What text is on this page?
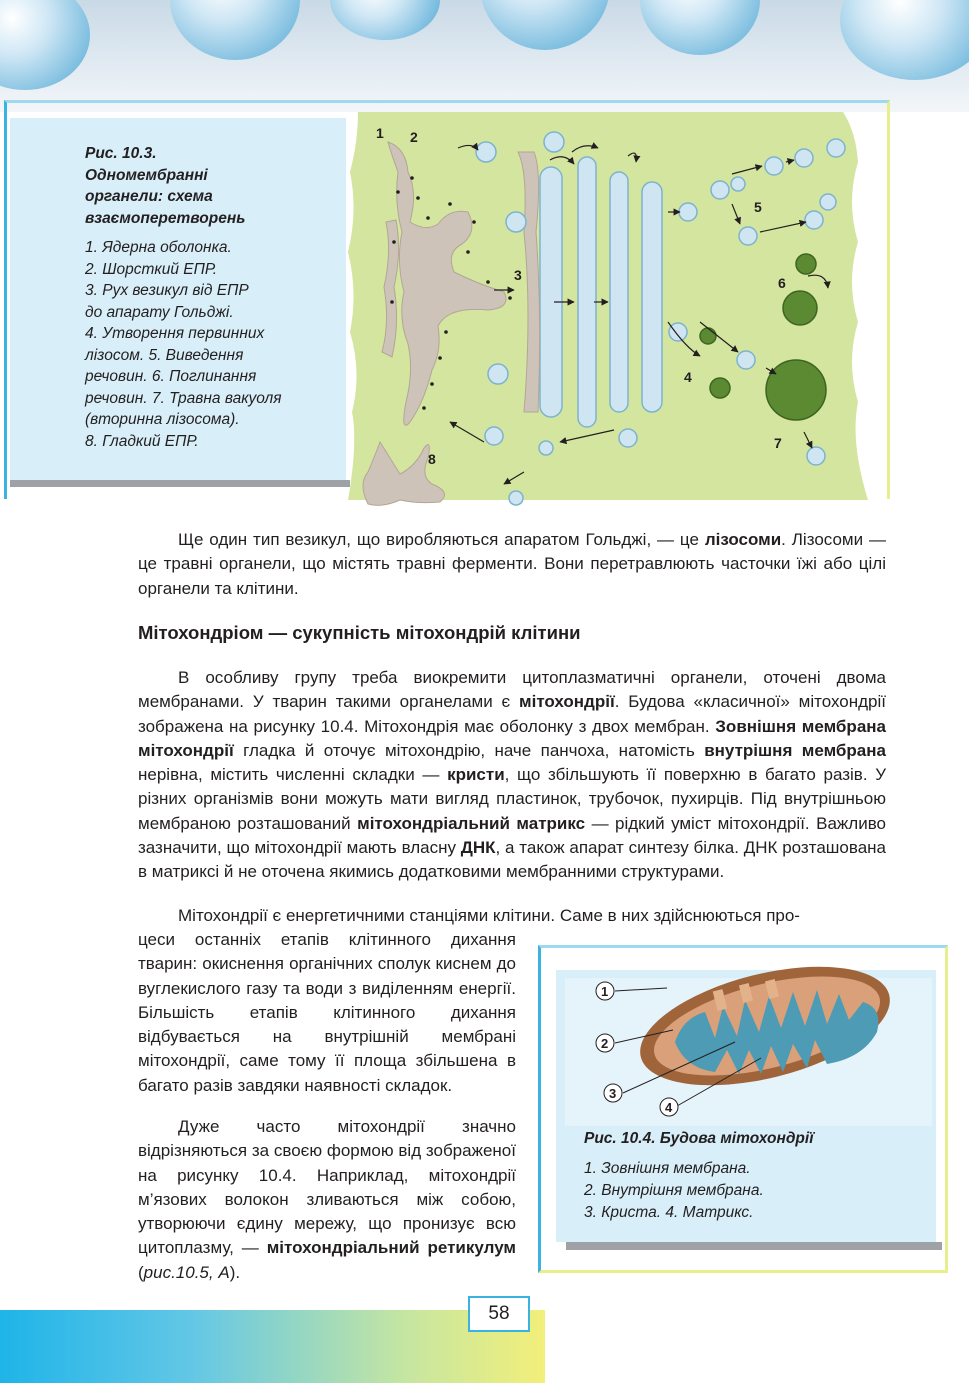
Рис. 10.3.
Одномембранні
органели: схема
взаємоперетворень
1. Ядерна оболонка.
2. Шорсткий ЕПР.
3. Рух везикул від ЕПР
до апарату Гольджі.
4. Утворення первинних
лізосом. 5. Виведення
речовин. 6. Поглинання
речовин. 7. Травна вакуоля
(вторинна лізосома).
8. Гладкий ЕПР.
1 2
3
4
5
6
7
8
Ще один тип везикул, що виробляються апаратом Гольджі, — це лізосоми. Лізосоми — це травні органели, що містять травні ферменти. Вони перетравлюють часточки їжі або цілі органели та клітини.
Мітохондріом — сукупність мітохондрій клітини
В особливу групу треба виокремити цитоплазматичні органели, оточені двома мембранами. У тварин такими органелами є мітохондрії. Будова «класичної» мітохондрії зображена на рисунку 10.4. Мітохондрія має оболонку з двох мембран. Зовнішня мембрана мітохондрії гладка й оточує мітохондрію, наче панчоха, натомість внутрішня мембрана нерівна, містить численні складки — кристи, що збільшують її поверхню в багато разів. У різних організмів вони можуть мати вигляд пластинок, трубочок, пухирців. Під внутрішньою мембраною розташований мітохондріальний матрикс — рідкий уміст мітохондрії. Важливо зазначити, що мітохондрії мають власну ДНК, а також апарат синтезу білка. ДНК розташована в матриксі й не оточена якимись додатковими мембранними структурами.
Мітохондрії є енергетичними станціями клітини. Саме в них здійснюються про-
цеси останніх етапів клітинного дихання тварин: окиснення органічних сполук киснем до вуглекислого газу та води з виділенням енергії. Більшість етапів клітинного дихання відбувається на внутрішній мембрані мітохондрії, саме тому її площа збільшена в багато разів завдяки наявності складок.
Дуже часто мітохондрії значно відрізняються за своєю формою від зображеної на рисунку 10.4. Наприклад, мітохондрії м’язових волокон зливаються між собою, утворюючи єдину мережу, що пронизує всю цитоплазму, — мітохондріальний ретикулум (рис.10.5, А).
1
2
3
4
Рис. 10.4. Будова мітохондрії
1. Зовнішня мембрана.
2. Внутрішня мембрана.
3. Криста. 4. Матрикс.
58
